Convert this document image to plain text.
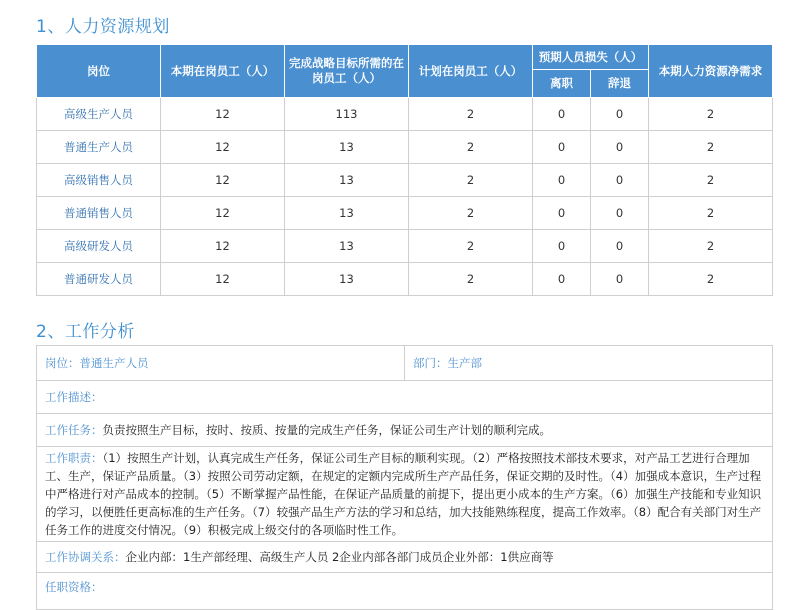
1、人力资源规划
岗位	本期在岗员工（人）	完成战略目标所需的在岗员工（人）	计划在岗员工（人）	预期人员损失（人）		本期人力资源净需求
				离职	辞退	
高级生产人员	12	113	2	0	0	2
普通生产人员	12	13	2	0	0	2
高级销售人员	12	13	2	0	0	2
普通销售人员	12	13	2	0	0	2
高级研发人员	12	13	2	0	0	2
普通研发人员	12	13	2	0	0	2
2、工作分析
岗位：普通生产人员	部门：生产部
工作描述：
工作任务：负责按照生产目标，按时、按质、按量的完成生产任务，保证公司生产计划的顺利完成。
工作职责：（1）按照生产计划，认真完成生产任务，保证公司生产目标的顺利实现。（2）严格按照技术部技术要求，对产品工艺进行合理加工、生产，保证产品质量。（3）按照公司劳动定额，在规定的定额内完成所生产产品任务，保证交期的及时性。（4）加强成本意识，生产过程中严格进行对产品成本的控制。（5）不断掌握产品性能，在保证产品质量的前提下，提出更小成本的生产方案。（6）加强生产技能和专业知识的学习，以便胜任更高标准的生产任务。（7）较强产品生产方法的学习和总结，加大技能熟练程度，提高工作效率。（8）配合有关部门对生产任务工作的进度交付情况。（9）积极完成上级交付的各项临时性工作。
工作协调关系：企业内部：1生产部经理、高级生产人员 2企业内部各部门成员企业外部：1供应商等
任职资格：
